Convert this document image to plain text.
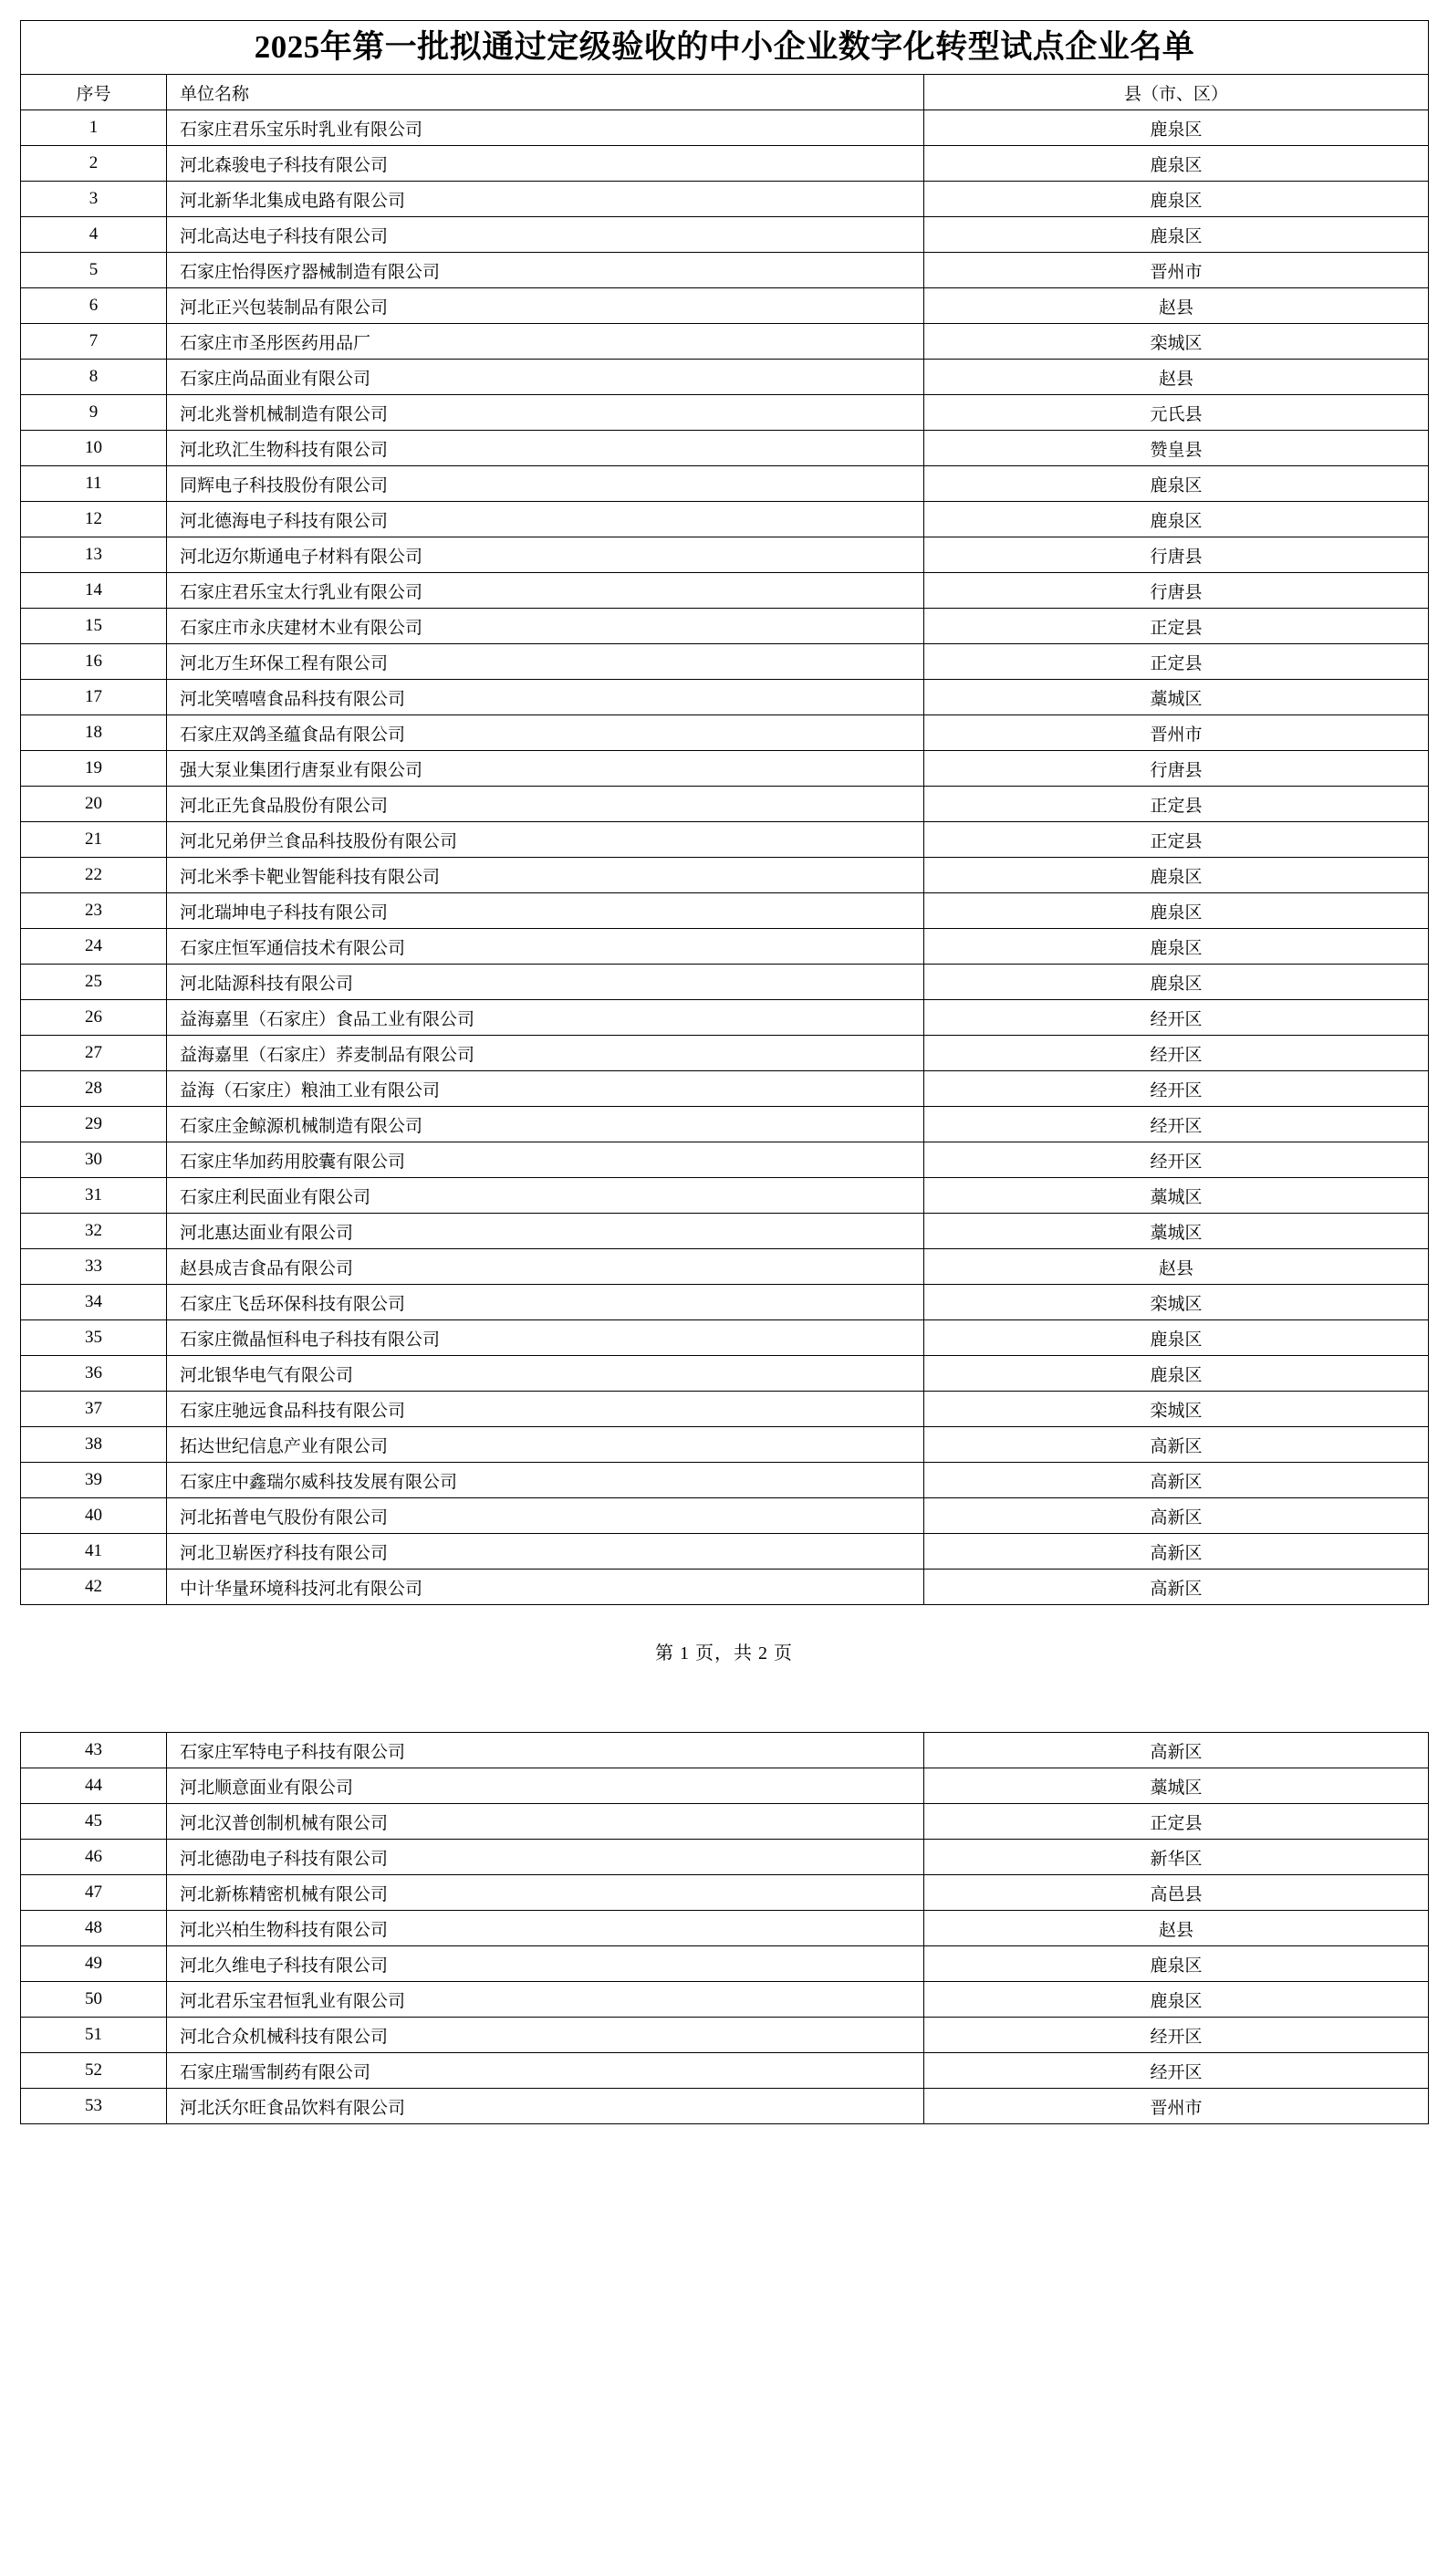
2025年第一批拟通过定级验收的中小企业数字化转型试点企业名单		
序号	单位名称	县（市、区）
1	石家庄君乐宝乐时乳业有限公司	鹿泉区
2	河北森骏电子科技有限公司	鹿泉区
3	河北新华北集成电路有限公司	鹿泉区
4	河北高达电子科技有限公司	鹿泉区
5	石家庄怡得医疗器械制造有限公司	晋州市
6	河北正兴包装制品有限公司	赵县
7	石家庄市圣彤医药用品厂	栾城区
8	石家庄尚品面业有限公司	赵县
9	河北兆誉机械制造有限公司	元氏县
10	河北玖汇生物科技有限公司	赞皇县
11	同辉电子科技股份有限公司	鹿泉区
12	河北德海电子科技有限公司	鹿泉区
13	河北迈尔斯通电子材料有限公司	行唐县
14	石家庄君乐宝太行乳业有限公司	行唐县
15	石家庄市永庆建材木业有限公司	正定县
16	河北万生环保工程有限公司	正定县
17	河北笑嘻嘻食品科技有限公司	藁城区
18	石家庄双鸽圣蕴食品有限公司	晋州市
19	强大泵业集团行唐泵业有限公司	行唐县
20	河北正先食品股份有限公司	正定县
21	河北兄弟伊兰食品科技股份有限公司	正定县
22	河北米季卡靶业智能科技有限公司	鹿泉区
23	河北瑞坤电子科技有限公司	鹿泉区
24	石家庄恒军通信技术有限公司	鹿泉区
25	河北陆源科技有限公司	鹿泉区
26	益海嘉里（石家庄）食品工业有限公司	经开区
27	益海嘉里（石家庄）荞麦制品有限公司	经开区
28	益海（石家庄）粮油工业有限公司	经开区
29	石家庄金鲸源机械制造有限公司	经开区
30	石家庄华加药用胶囊有限公司	经开区
31	石家庄利民面业有限公司	藁城区
32	河北惠达面业有限公司	藁城区
33	赵县成吉食品有限公司	赵县
34	石家庄飞岳环保科技有限公司	栾城区
35	石家庄微晶恒科电子科技有限公司	鹿泉区
36	河北银华电气有限公司	鹿泉区
37	石家庄驰远食品科技有限公司	栾城区
38	拓达世纪信息产业有限公司	高新区
39	石家庄中鑫瑞尔威科技发展有限公司	高新区
40	河北拓普电气股份有限公司	高新区
41	河北卫崭医疗科技有限公司	高新区
42	中计华量环境科技河北有限公司	高新区
第 1 页，共 2 页
43	石家庄军特电子科技有限公司	高新区
44	河北顺意面业有限公司	藁城区
45	河北汉普创制机械有限公司	正定县
46	河北德劭电子科技有限公司	新华区
47	河北新栋精密机械有限公司	高邑县
48	河北兴柏生物科技有限公司	赵县
49	河北久维电子科技有限公司	鹿泉区
50	河北君乐宝君恒乳业有限公司	鹿泉区
51	河北合众机械科技有限公司	经开区
52	石家庄瑞雪制药有限公司	经开区
53	河北沃尔旺食品饮料有限公司	晋州市
